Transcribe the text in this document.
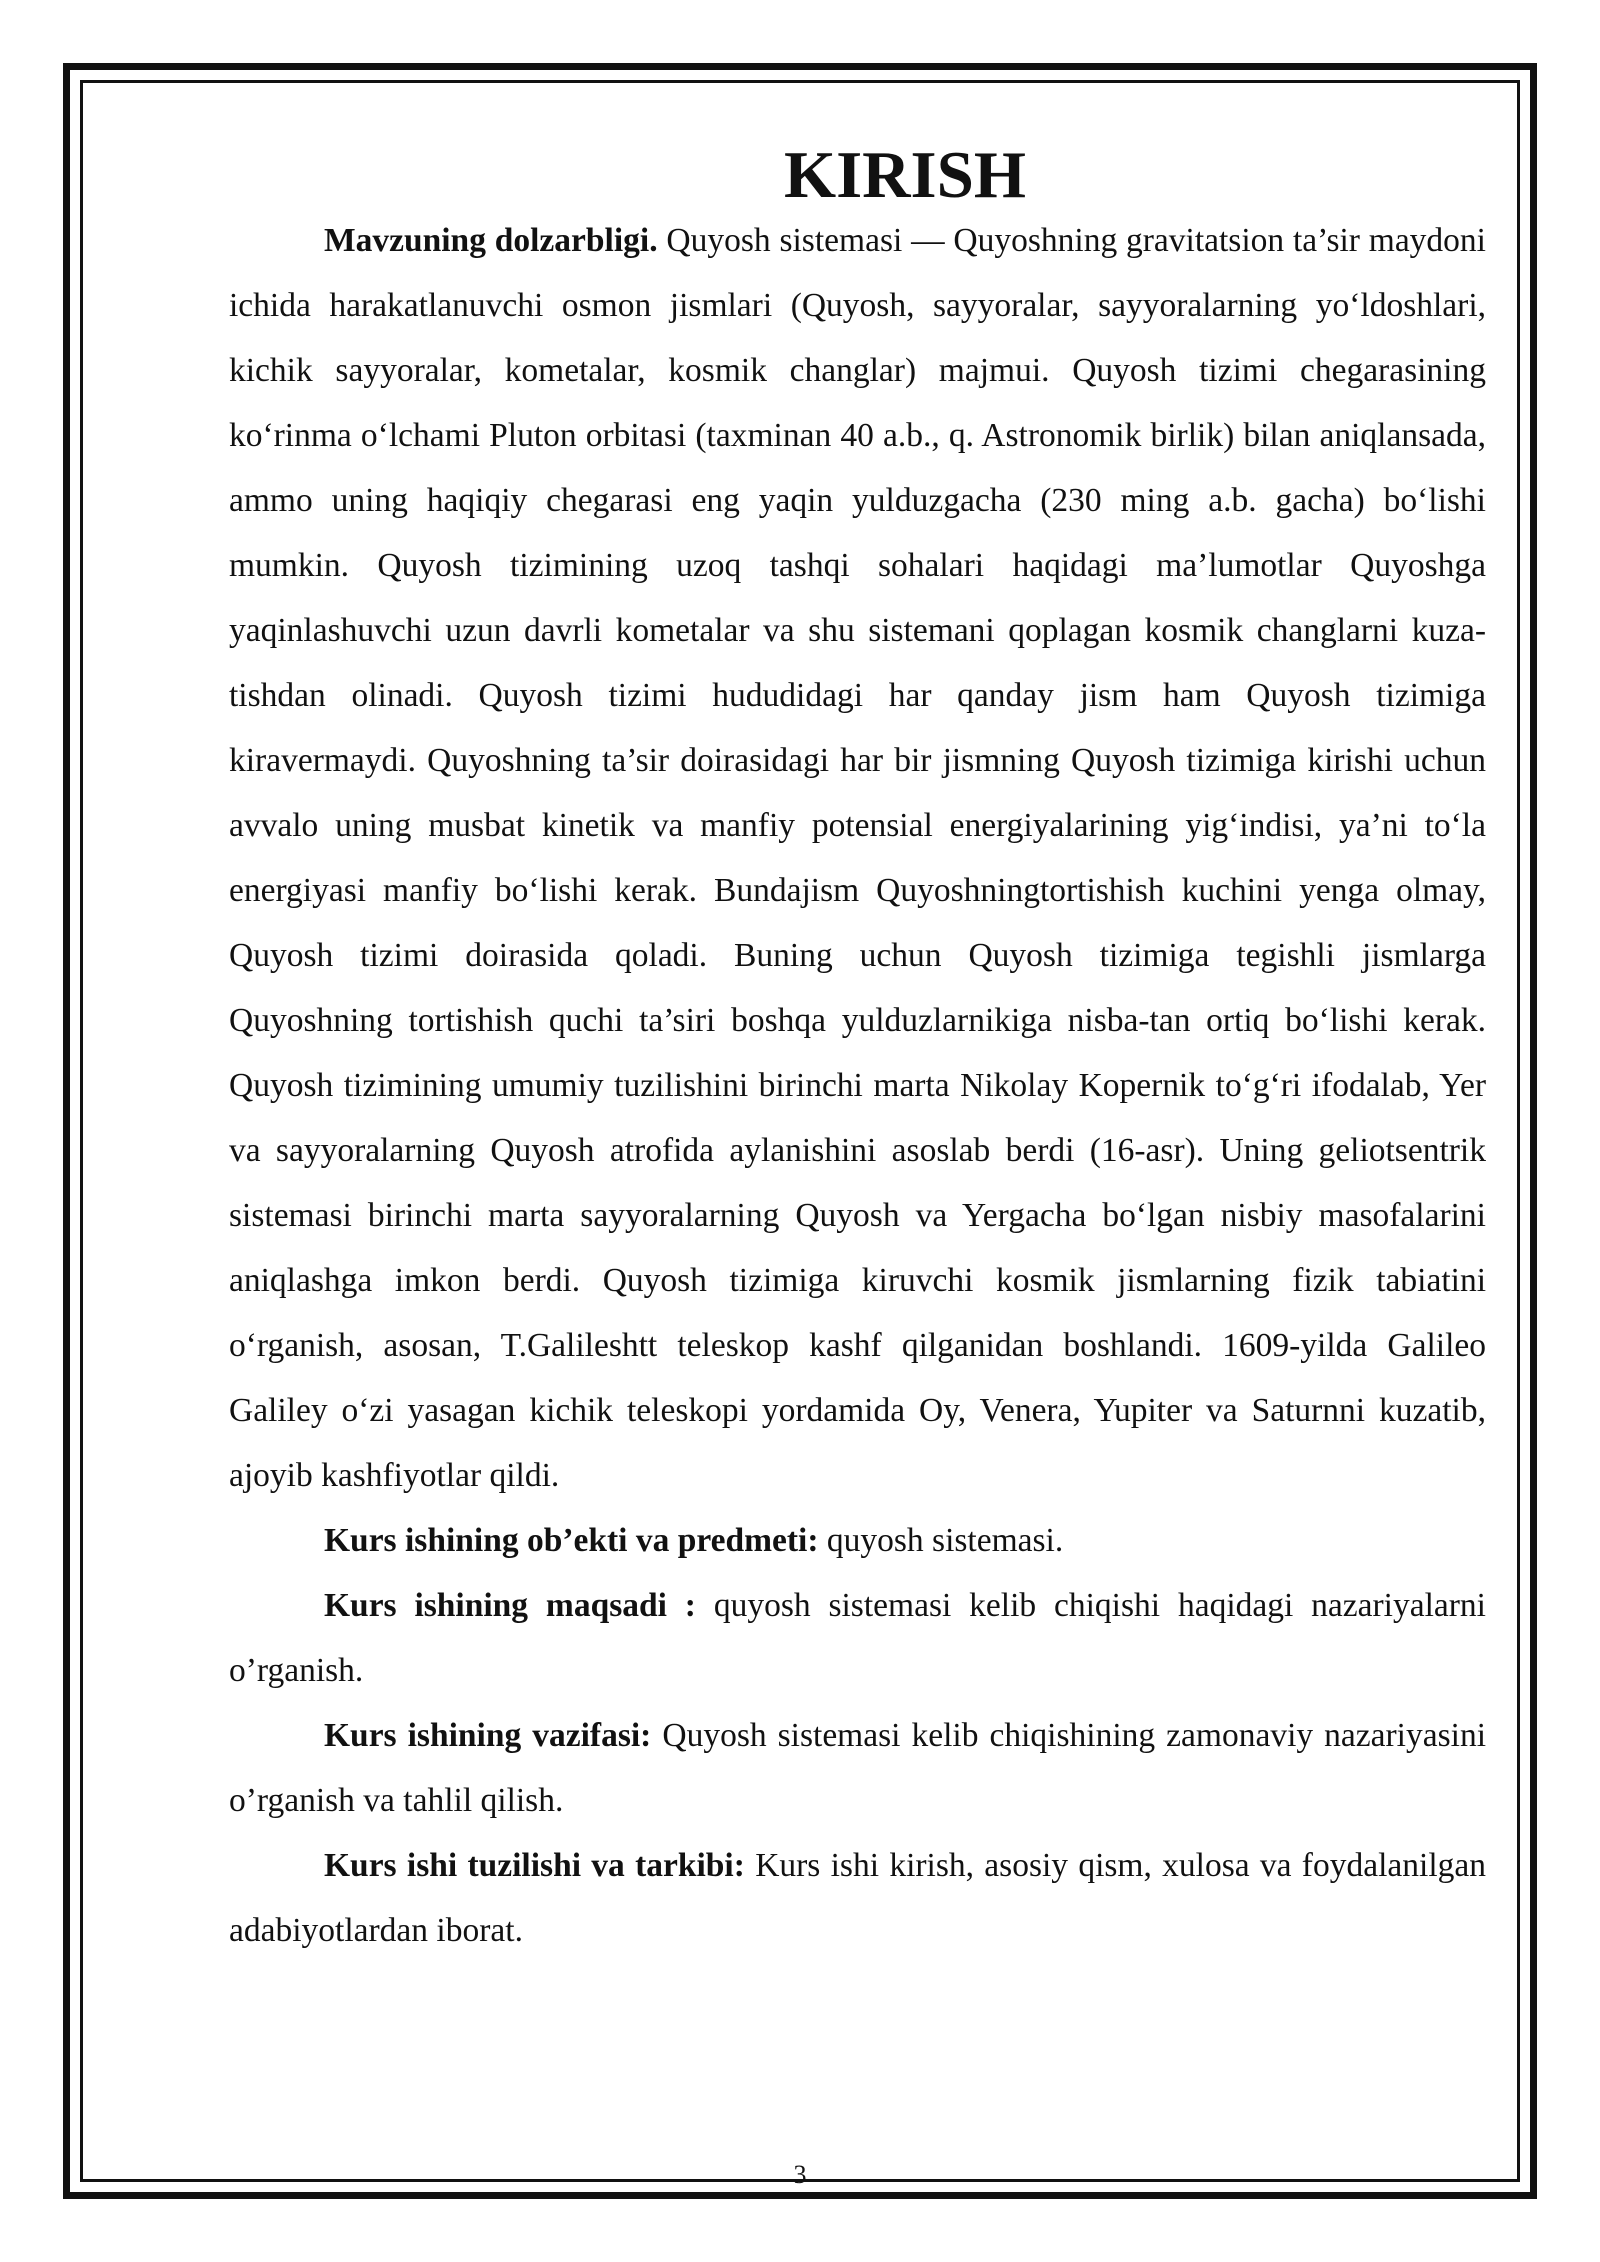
KIRISH

Mavzuning dolzarbligi. Quyosh sistemasi — Quyoshning gravitatsion ta’sir maydoni ichida harakatlanuvchi osmon jismlari (Quyosh, sayyoralar, sayyoralarning yo‘ldoshlari, kichik sayyoralar, kometalar, kosmik changlar) majmui. Quyosh tizimi chegarasining ko‘rinma o‘lchami Pluton orbitasi (taxminan 40 a.b., q. Astronomik birlik) bilan aniqlansada, ammo uning haqiqiy chegarasi eng yaqin yulduzgacha (230 ming a.b. gacha) bo‘lishi mumkin. Quyosh tizimining uzoq tashqi sohalari haqidagi ma’lumotlar Quyoshga yaqinlashuvchi uzun davrli kometalar va shu sistemani qoplagan kosmik changlarni kuza-tishdan olinadi. Quyosh tizimi hududidagi har qanday jism ham Quyosh tizimiga kiravermaydi. Quyoshning ta’sir doirasidagi har bir jismning Quyosh tizimiga kirishi uchun avvalo uning musbat kinetik va manfiy potensial energiyalarining yig‘indisi, ya’ni to‘la energiyasi manfiy bo‘lishi kerak. Bundajism Quyoshningtortishish kuchini yenga olmay, Quyosh tizimi doirasida qoladi. Buning uchun Quyosh tizimiga tegishli jismlarga Quyoshning tortishish quchi ta’siri boshqa yulduzlarnikiga nisba-tan ortiq bo‘lishi kerak. Quyosh tizimining umumiy tuzilishini birinchi marta Nikolay Kopernik to‘g‘ri ifodalab, Yer va sayyoralarning Quyosh atrofida aylanishini asoslab berdi (16-asr). Uning geliotsentrik sistemasi birinchi marta sayyoralarning Quyosh va Yergacha bo‘lgan nisbiy masofalarini aniqlashga imkon berdi. Quyosh tizimiga kiruvchi kosmik jismlarning fizik tabiatini o‘rganish, asosan, T.Galileshtt teleskop kashf qilganidan boshlandi. 1609-yilda Galileo Galiley o‘zi yasagan kichik teleskopi yordamida Oy, Venera, Yupiter va Saturnni kuzatib, ajoyib kashfiyotlar qildi.

Kurs ishining ob’ekti va predmeti: quyosh sistemasi.

Kurs ishining maqsadi : quyosh sistemasi kelib chiqishi haqidagi nazariyalarni o’rganish.

Kurs ishining vazifasi: Quyosh sistemasi kelib chiqishining zamonaviy nazariyasini o’rganish va tahlil qilish.

Kurs ishi tuzilishi va tarkibi: Kurs ishi kirish, asosiy qism, xulosa va foydalanilgan adabiyotlardan iborat.

3
